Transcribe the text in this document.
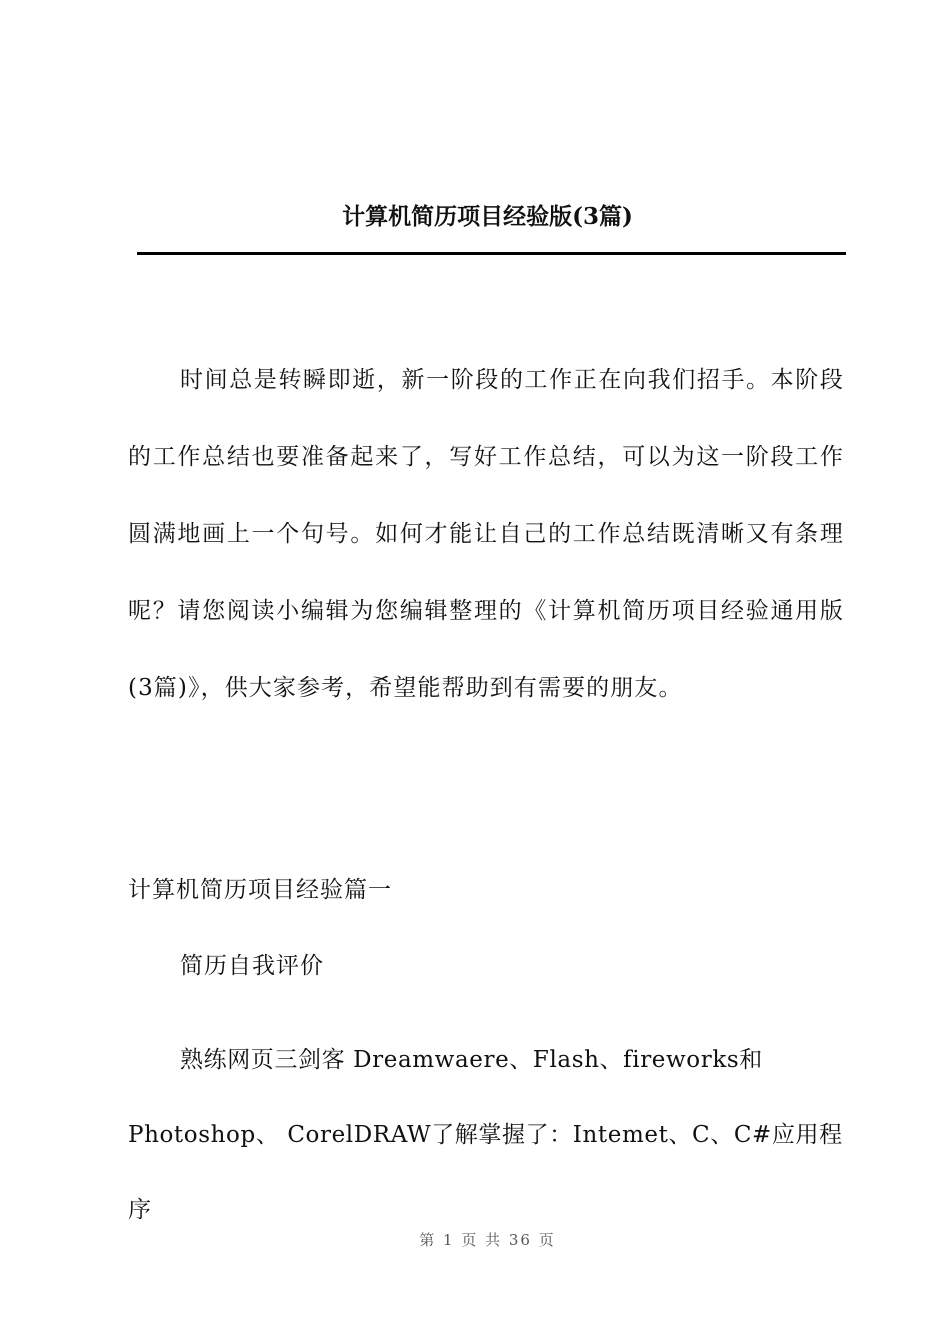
计算机简历项目经验版(3篇)

时间总是转瞬即逝，新一阶段的工作正在向我们招手。本阶段的工作总结也要准备起来了，写好工作总结，可以为这一阶段工作圆满地画上一个句号。如何才能让自己的工作总结既清晰又有条理呢？请您阅读小编辑为您编辑整理的《计算机简历项目经验通用版(3篇)》，供大家参考，希望能帮助到有需要的朋友。

计算机简历项目经验篇一

简历自我评价

熟练网页三剑客 Dreamwaere、Flash、fireworks和Photoshop、 CorelDRAW了解掌握了：Intemet、C、C#应用程序

第 1 页 共 36 页
